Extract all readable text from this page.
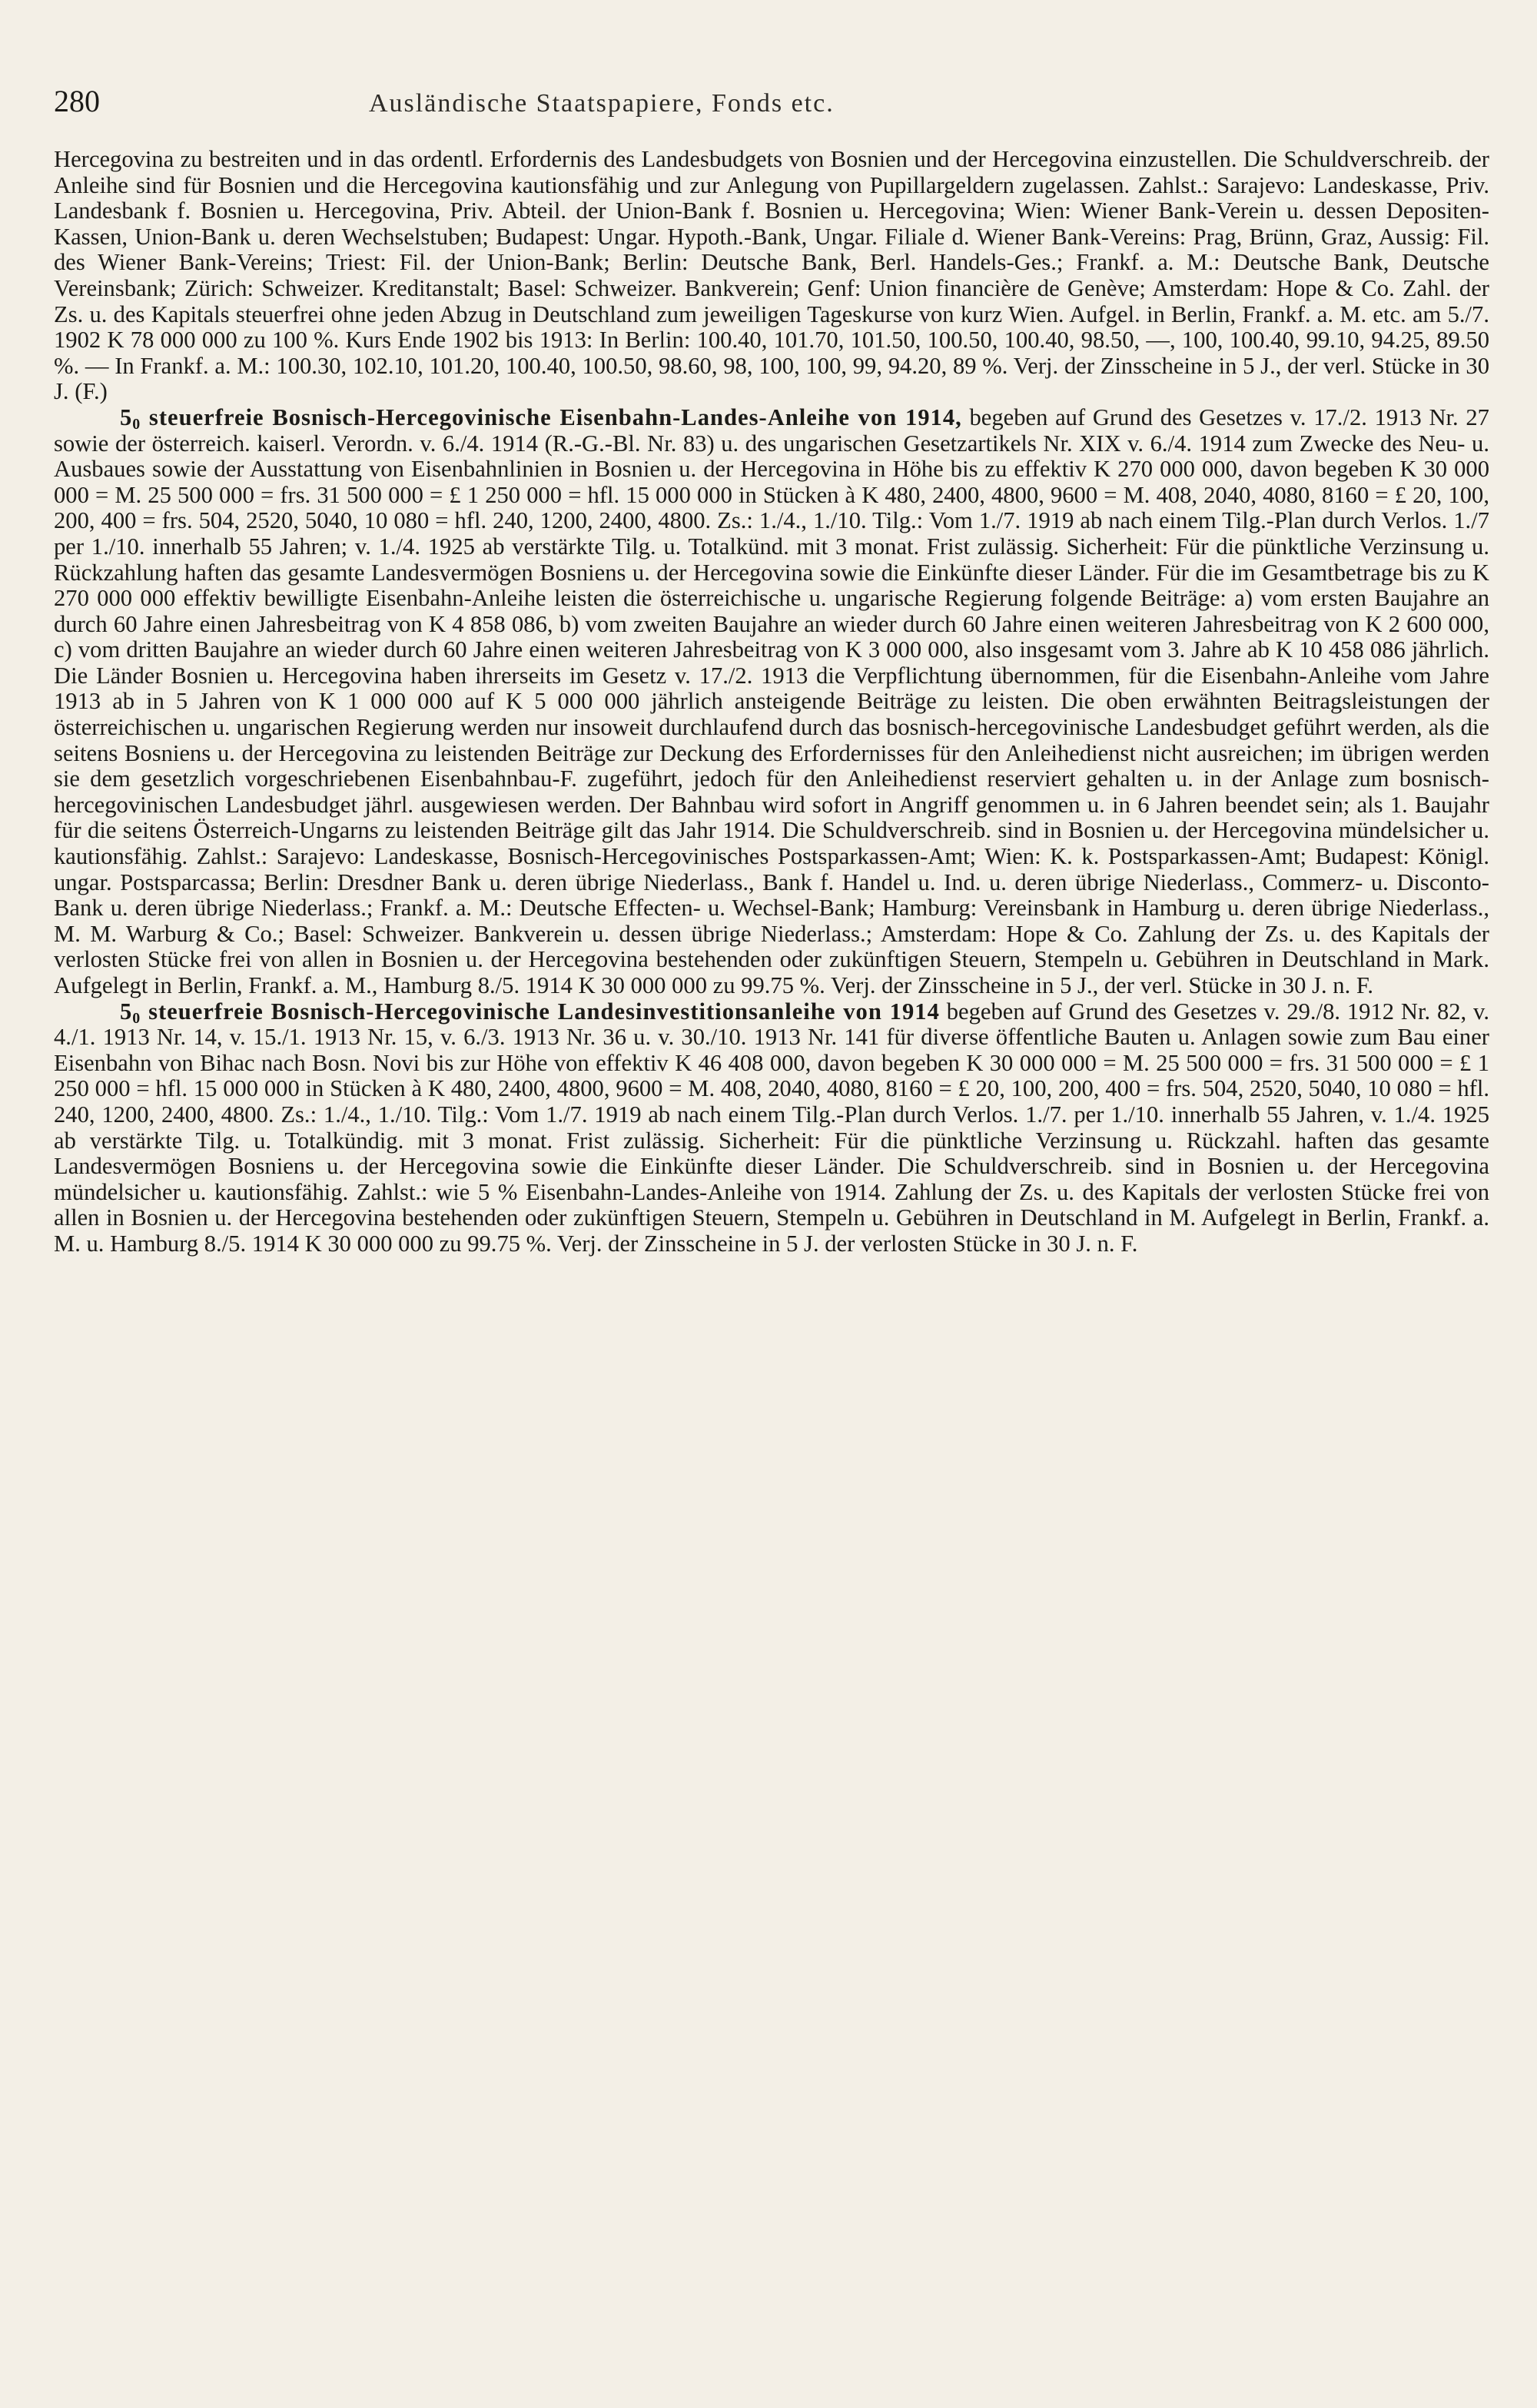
280	Ausländische Staatspapiere, Fonds etc.

Hercegovina zu bestreiten und in das ordentl. Erfordernis des Landesbudgets von Bosnien und der Hercegovina einzustellen. Die Schuldverschreib. der Anleihe sind für Bosnien und die Hercegovina kautionsfähig und zur Anlegung von Pupillargeldern zugelassen. Zahlst.: Sarajevo: Landeskasse, Priv. Landesbank f. Bosnien u. Hercegovina, Priv. Abteil. der Union-Bank f. Bosnien u. Hercegovina; Wien: Wiener Bank-Verein u. dessen Depositen-Kassen, Union-Bank u. deren Wechselstuben; Budapest: Ungar. Hypoth.-Bank, Ungar. Filiale d. Wiener Bank-Vereins: Prag, Brünn, Graz, Aussig: Fil. des Wiener Bank-Vereins; Triest: Fil. der Union-Bank; Berlin: Deutsche Bank, Berl. Handels-Ges.; Frankf. a. M.: Deutsche Bank, Deutsche Vereinsbank; Zürich: Schweizer. Kreditanstalt; Basel: Schweizer. Bankverein; Genf: Union financière de Genève; Amsterdam: Hope & Co. Zahl. der Zs. u. des Kapitals steuerfrei ohne jeden Abzug in Deutschland zum jeweiligen Tageskurse von kurz Wien. Aufgel. in Berlin, Frankf. a. M. etc. am 5./7. 1902 K 78 000 000 zu 100 %. Kurs Ende 1902 bis 1913: In Berlin: 100.40, 101.70, 101.50, 100.50, 100.40, 98.50, —, 100, 100.40, 99.10, 94.25, 89.50 %. — In Frankf. a. M.: 100.30, 102.10, 101.20, 100.40, 100.50, 98.60, 98, 100, 100, 99, 94.20, 89 %. Verj. der Zinsscheine in 5 J., der verl. Stücke in 30 J. (F.)

$5_0$ steuerfreie Bosnisch-Hercegovinische Eisenbahn-Landes-Anleihe von 1914, begeben auf Grund des Gesetzes v. 17./2. 1913 Nr. 27 sowie der österreich. kaiserl. Verordn. v. 6./4. 1914 (R.-G.-Bl. Nr. 83) u. des ungarischen Gesetzartikels Nr. XIX v. 6./4. 1914 zum Zwecke des Neu- u. Ausbaues sowie der Ausstattung von Eisenbahnlinien in Bosnien u. der Hercegovina in Höhe bis zu effektiv K 270 000 000, davon begeben K 30 000 000 = M. 25 500 000 = frs. 31 500 000 = £ 1 250 000 = hfl. 15 000 000 in Stücken à K 480, 2400, 4800, 9600 = M. 408, 2040, 4080, 8160 = £ 20, 100, 200, 400 = frs. 504, 2520, 5040, 10 080 = hfl. 240, 1200, 2400, 4800. Zs.: 1./4., 1./10. Tilg.: Vom 1./7. 1919 ab nach einem Tilg.-Plan durch Verlos. 1./7 per 1./10. innerhalb 55 Jahren; v. 1./4. 1925 ab verstärkte Tilg. u. Totalkünd. mit 3 monat. Frist zulässig. Sicherheit: Für die pünktliche Verzinsung u. Rückzahlung haften das gesamte Landesvermögen Bosniens u. der Hercegovina sowie die Einkünfte dieser Länder. Für die im Gesamtbetrage bis zu K 270 000 000 effektiv bewilligte Eisenbahn-Anleihe leisten die österreichische u. ungarische Regierung folgende Beiträge: a) vom ersten Baujahre an durch 60 Jahre einen Jahresbeitrag von K 4 858 086, b) vom zweiten Baujahre an wieder durch 60 Jahre einen weiteren Jahresbeitrag von K 2 600 000, c) vom dritten Baujahre an wieder durch 60 Jahre einen weiteren Jahresbeitrag von K 3 000 000, also insgesamt vom 3. Jahre ab K 10 458 086 jährlich. Die Länder Bosnien u. Hercegovina haben ihrerseits im Gesetz v. 17./2. 1913 die Verpflichtung übernommen, für die Eisenbahn-Anleihe vom Jahre 1913 ab in 5 Jahren von K 1 000 000 auf K 5 000 000 jährlich ansteigende Beiträge zu leisten. Die oben erwähnten Beitragsleistungen der österreichischen u. ungarischen Regierung werden nur insoweit durchlaufend durch das bosnisch-hercegovinische Landesbudget geführt werden, als die seitens Bosniens u. der Hercegovina zu leistenden Beiträge zur Deckung des Erfordernisses für den Anleihedienst nicht ausreichen; im übrigen werden sie dem gesetzlich vorgeschriebenen Eisenbahnbau-F. zugeführt, jedoch für den Anleihedienst reserviert gehalten u. in der Anlage zum bosnisch-hercegovinischen Landesbudget jährl. ausgewiesen werden. Der Bahnbau wird sofort in Angriff genommen u. in 6 Jahren beendet sein; als 1. Baujahr für die seitens Österreich-Ungarns zu leistenden Beiträge gilt das Jahr 1914. Die Schuldverschreib. sind in Bosnien u. der Hercegovina mündelsicher u. kautionsfähig. Zahlst.: Sarajevo: Landeskasse, Bosnisch-Hercegovinisches Postsparkassen-Amt; Wien: K. k. Postsparkassen-Amt; Budapest: Königl. ungar. Postsparcassa; Berlin: Dresdner Bank u. deren übrige Niederlass., Bank f. Handel u. Ind. u. deren übrige Niederlass., Commerz- u. Disconto-Bank u. deren übrige Niederlass.; Frankf. a. M.: Deutsche Effecten- u. Wechsel-Bank; Hamburg: Vereinsbank in Hamburg u. deren übrige Niederlass., M. M. Warburg & Co.; Basel: Schweizer. Bankverein u. dessen übrige Niederlass.; Amsterdam: Hope & Co. Zahlung der Zs. u. des Kapitals der verlosten Stücke frei von allen in Bosnien u. der Hercegovina bestehenden oder zukünftigen Steuern, Stempeln u. Gebühren in Deutschland in Mark. Aufgelegt in Berlin, Frankf. a. M., Hamburg 8./5. 1914 K 30 000 000 zu 99.75 %. Verj. der Zinsscheine in 5 J., der verl. Stücke in 30 J. n. F.

$5_0$ steuerfreie Bosnisch-Hercegovinische Landesinvestitionsanleihe von 1914 begeben auf Grund des Gesetzes v. 29./8. 1912 Nr. 82, v. 4./1. 1913 Nr. 14, v. 15./1. 1913 Nr. 15, v. 6./3. 1913 Nr. 36 u. v. 30./10. 1913 Nr. 141 für diverse öffentliche Bauten u. Anlagen sowie zum Bau einer Eisenbahn von Bihac nach Bosn. Novi bis zur Höhe von effektiv K 46 408 000, davon begeben K 30 000 000 = M. 25 500 000 = frs. 31 500 000 = £ 1 250 000 = hfl. 15 000 000 in Stücken à K 480, 2400, 4800, 9600 = M. 408, 2040, 4080, 8160 = £ 20, 100, 200, 400 = frs. 504, 2520, 5040, 10 080 = hfl. 240, 1200, 2400, 4800. Zs.: 1./4., 1./10. Tilg.: Vom 1./7. 1919 ab nach einem Tilg.-Plan durch Verlos. 1./7. per 1./10. innerhalb 55 Jahren, v. 1./4. 1925 ab verstärkte Tilg. u. Totalkündig. mit 3 monat. Frist zulässig. Sicherheit: Für die pünktliche Verzinsung u. Rückzahl. haften das gesamte Landesvermögen Bosniens u. der Hercegovina sowie die Einkünfte dieser Länder. Die Schuldverschreib. sind in Bosnien u. der Hercegovina mündelsicher u. kautionsfähig. Zahlst.: wie 5 % Eisenbahn-Landes-Anleihe von 1914. Zahlung der Zs. u. des Kapitals der verlosten Stücke frei von allen in Bosnien u. der Hercegovina bestehenden oder zukünftigen Steuern, Stempeln u. Gebühren in Deutschland in M. Aufgelegt in Berlin, Frankf. a. M. u. Hamburg 8./5. 1914 K 30 000 000 zu 99.75 %. Verj. der Zinsscheine in 5 J. der verlosten Stücke in 30 J. n. F.
